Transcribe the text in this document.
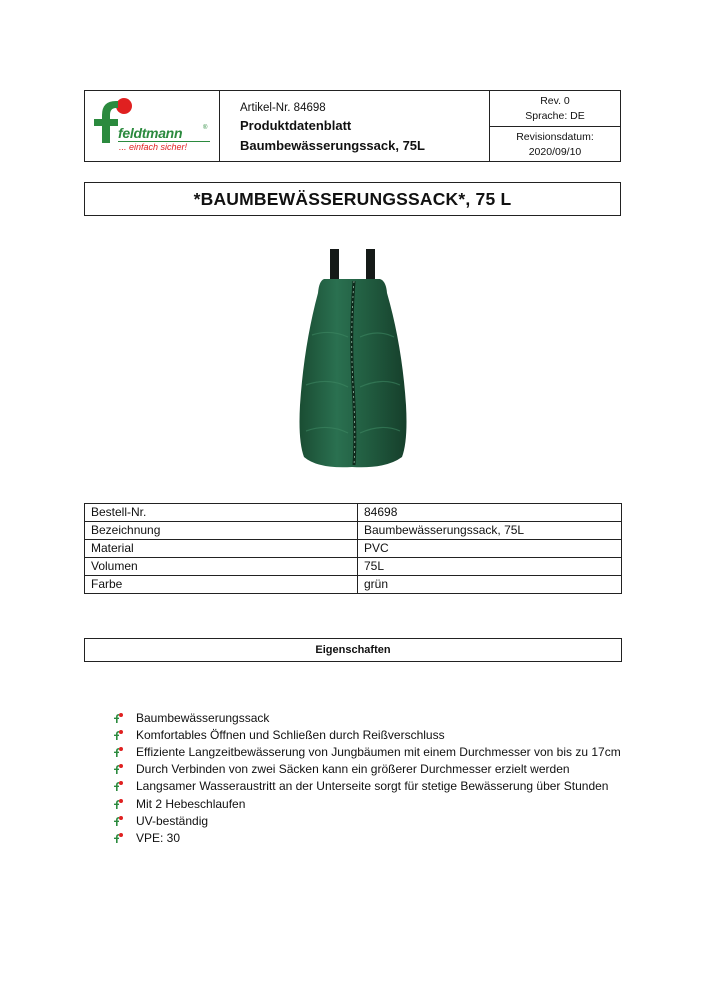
feldtmann	®
... einfach sicher!
Artikel-Nr. 84698
Produktdatenblatt
Baumbewässerungssack, 75L
Rev. 0
Sprache: DE
Revisionsdatum:
2020/09/10
*BAUMBEWÄSSERUNGSSACK*, 75 L
Bestell-Nr.	84698
Bezeichnung	Baumbewässerungssack, 75L
Material	PVC
Volumen	75L
Farbe	grün
Eigenschaften
Baumbewässerungssack
Komfortables Öffnen und Schließen durch Reißverschluss
Effiziente Langzeitbewässerung von Jungbäumen mit einem Durchmesser von bis zu 17cm
Durch Verbinden von zwei Säcken kann ein größerer Durchmesser erzielt werden
Langsamer Wasseraustritt an der Unterseite sorgt für stetige Bewässerung über Stunden
Mit 2 Hebeschlaufen
UV-beständig
VPE: 30
